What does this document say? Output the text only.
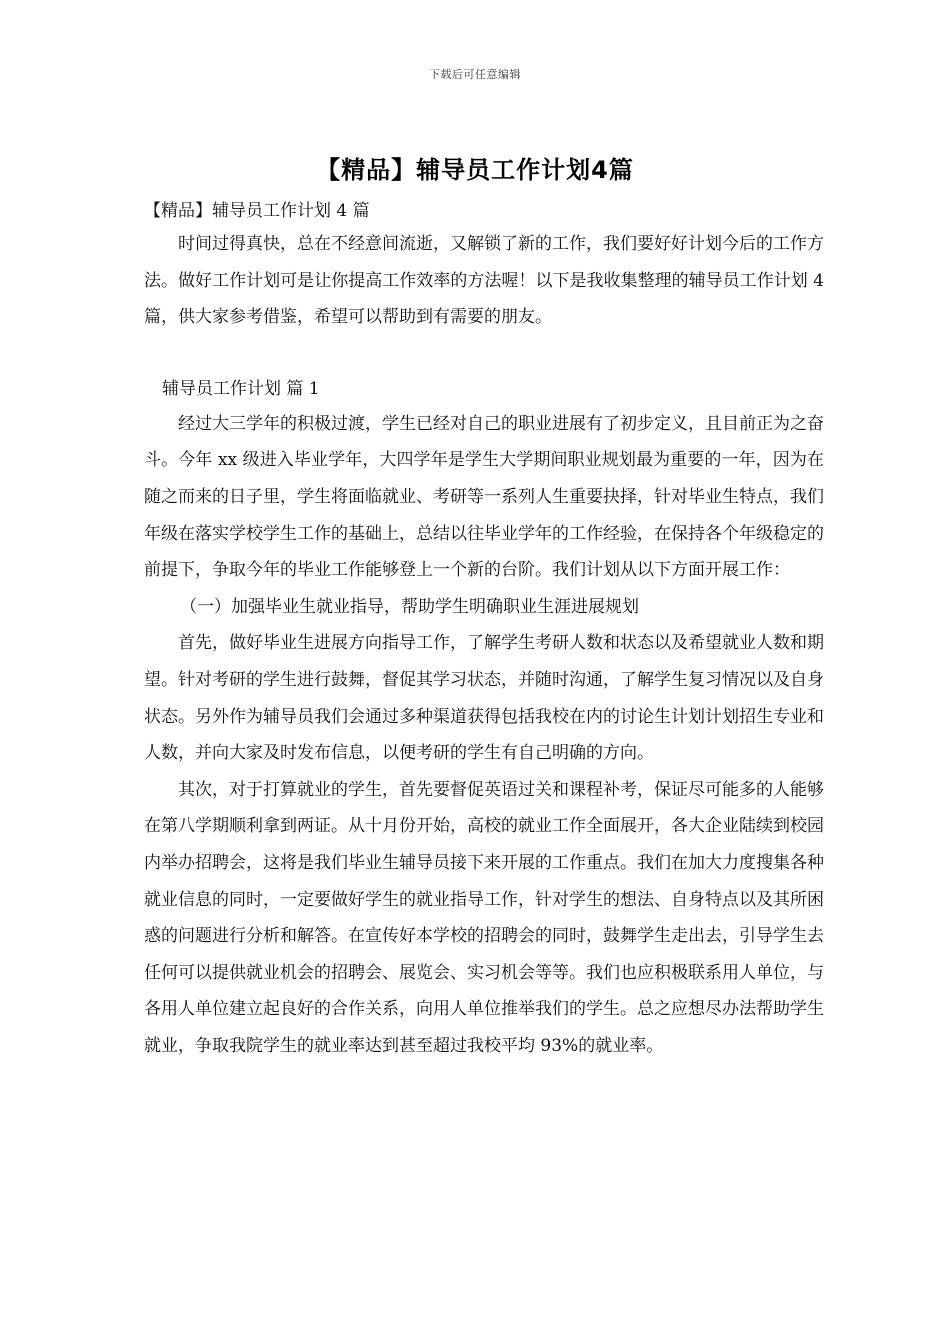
下载后可任意编辑
【精品】辅导员工作计划4篇

【精品】辅导员工作计划 4 篇

时间过得真快，总在不经意间流逝，又解锁了新的工作，我们要好好计划今后的工作方法。做好工作计划可是让你提高工作效率的方法喔！以下是我收集整理的辅导员工作计划 4 篇，供大家参考借鉴，希望可以帮助到有需要的朋友。

辅导员工作计划 篇 1

经过大三学年的积极过渡，学生已经对自己的职业进展有了初步定义，且目前正为之奋斗。今年 xx 级进入毕业学年，大四学年是学生大学期间职业规划最为重要的一年，因为在随之而来的日子里，学生将面临就业、考研等一系列人生重要抉择，针对毕业生特点，我们年级在落实学校学生工作的基础上，总结以往毕业学年的工作经验，在保持各个年级稳定的前提下，争取今年的毕业工作能够登上一个新的台阶。我们计划从以下方面开展工作：

（一）加强毕业生就业指导，帮助学生明确职业生涯进展规划

首先，做好毕业生进展方向指导工作，了解学生考研人数和状态以及希望就业人数和期望。针对考研的学生进行鼓舞，督促其学习状态，并随时沟通，了解学生复习情况以及自身状态。另外作为辅导员我们会通过多种渠道获得包括我校在内的讨论生计划计划招生专业和人数，并向大家及时发布信息，以便考研的学生有自己明确的方向。

其次，对于打算就业的学生，首先要督促英语过关和课程补考，保证尽可能多的人能够在第八学期顺利拿到两证。从十月份开始，高校的就业工作全面展开，各大企业陆续到校园内举办招聘会，这将是我们毕业生辅导员接下来开展的工作重点。我们在加大力度搜集各种就业信息的同时，一定要做好学生的就业指导工作，针对学生的想法、自身特点以及其所困惑的问题进行分析和解答。在宣传好本学校的招聘会的同时，鼓舞学生走出去，引导学生去任何可以提供就业机会的招聘会、展览会、实习机会等等。我们也应积极联系用人单位，与各用人单位建立起良好的合作关系，向用人单位推举我们的学生。总之应想尽办法帮助学生就业，争取我院学生的就业率达到甚至超过我校平均 93%的就业率。
